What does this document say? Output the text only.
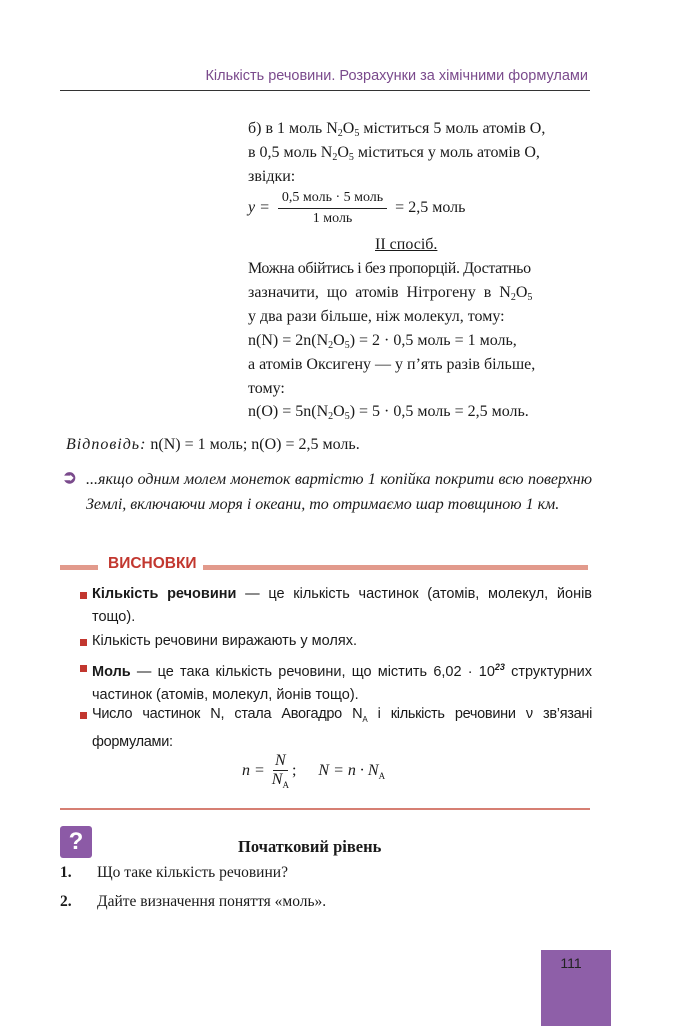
Кількість речовини. Розрахунки за хімічними формулами
б) в 1 моль $N_2O_5$ міститься 5 моль атомів O,
в 0,5 моль $N_2O_5$ міститься y моль атомів O,
звідки:
$y = \frac{\text{0,5 моль · 5 моль}}{\text{1 моль}} = 2,5$ моль
II спосіб.
Можна обійтись і без пропорцій. Достатньо
зазначити, що атомів Нітрогену в $N_2O_5$
у два рази більше, ніж молекул, тому:
$n(N) = 2n(N_2O_5) = 2 \cdot 0,5$ моль = 1 моль,
а атомів Оксигену — у п’ять разів більше,
тому:
$n(O) = 5n(N_2O_5) = 5 \cdot 0,5$ моль = 2,5 моль.
Відповідь: n(N) = 1 моль; n(O) = 2,5 моль.
➲ ...якщо одним молем монеток вартістю 1 копійка покрити всю поверхню Землі, включаючи моря і океани, то отримаємо шар товщиною 1 км.
ВИСНОВКИ
Кількість речовини — це кількість частинок (атомів, молекул, йонів тощо).
Кількість речовини виражають у молях.
Моль — це така кількість речовини, що містить $6,02 \cdot 10^{23}$ структурних частинок (атомів, молекул, йонів тощо).
Число частинок N, стала Авогадро $N_A$ і кількість речовини ν зв’язані формулами:
$n = \frac{N}{N_A}$ ; $N = n \cdot N_A$
?	Початковий рівень
1. Що таке кількість речовини?
2. Дайте визначення поняття «моль».
111
